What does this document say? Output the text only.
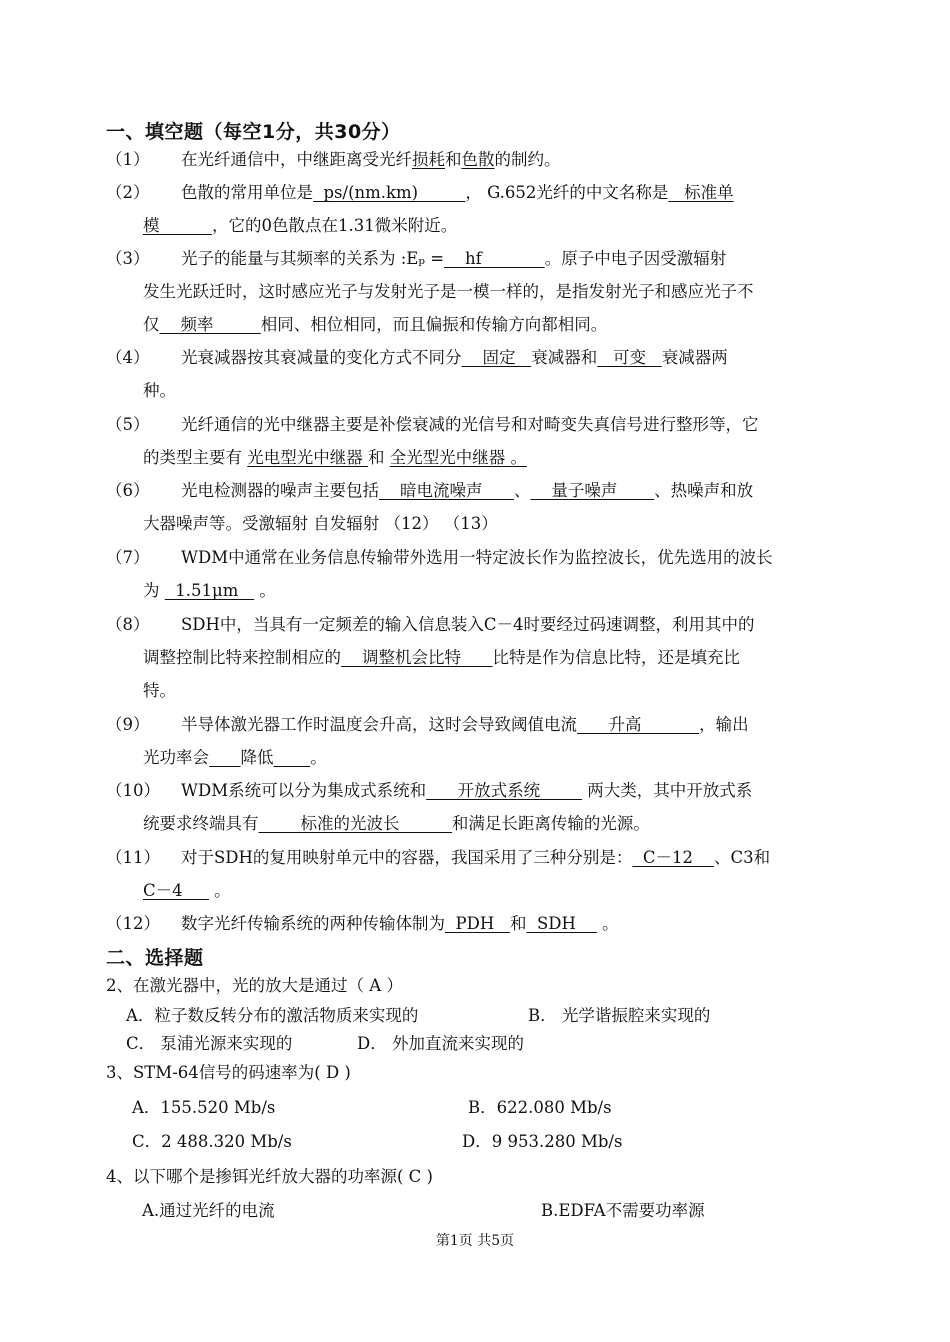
一、填空题（每空1分，共30分）
（1） 在光纤通信中，中继距离受光纤损耗和色散的制约。
（2） 色散的常用单位是  ps/(nm.km)         ， G.652光纤的中文名称是   标准单
模          ，它的0色散点在1.31微米附近。
（3） 光子的能量与其频率的关系为 :Eₚ =    hf            。原子中电子因受激辐射
发生光跃迁时，这时感应光子与发射光子是一模一样的，是指发射光子和感应光子不
仅    频率         相同、相位相同，而且偏振和传输方向都相同。
（4） 光衰减器按其衰减量的变化方式不同分    固定   衰减器和   可变   衰减器两
种。
（5） 光纤通信的光中继器主要是补偿衰减的光信号和对畸变失真信号进行整形等，它
的类型主要有 光电型光中继器 和 全光型光中继器 。
（6） 光电检测器的噪声主要包括    暗电流噪声      、    量子噪声       、热噪声和放
大器噪声等。受激辐射 自发辐射 （12） （13）
（7） WDM中通常在业务信息传输带外选用一特定波长作为监控波长，优先选用的波长
为   1.51μm    。
（8） SDH中，当具有一定频差的输入信息装入C－4时要经过码速调整，利用其中的
调整控制比特来控制相应的    调整机会比特      比特是作为信息比特，还是填充比
特。
（9） 半导体激光器工作时温度会升高，这时会导致阈值电流      升高           ，输出
光功率会 降低 。
（10） WDM系统可以分为集成式系统和      开放式系统         两大类，其中开放式系
统要求终端具有        标准的光波长          和满足长距离传输的光源。
（11） 对于SDH的复用映射单元中的容器，我国采用了三种分别是：  C－12    、C3和
C－4      。
（12） 数字光纤传输系统的两种传输体制为  PDH   和  SDH     。
二、选择题
2、在激光器中，光的放大是通过（ A ）
A．粒子数反转分布的激活物质来实现的	B． 光学谐振腔来实现的
C． 泵浦光源来实现的	D． 外加直流来实现的
3、STM-64信号的码速率为( D )
A．155.520 Mb/s	B．622.080 Mb/s
C．2 488.320 Mb/s	D．9 953.280 Mb/s
4、以下哪个是掺铒光纤放大器的功率源( C )
A.通过光纤的电流	B.EDFA不需要功率源
第1页 共5页
